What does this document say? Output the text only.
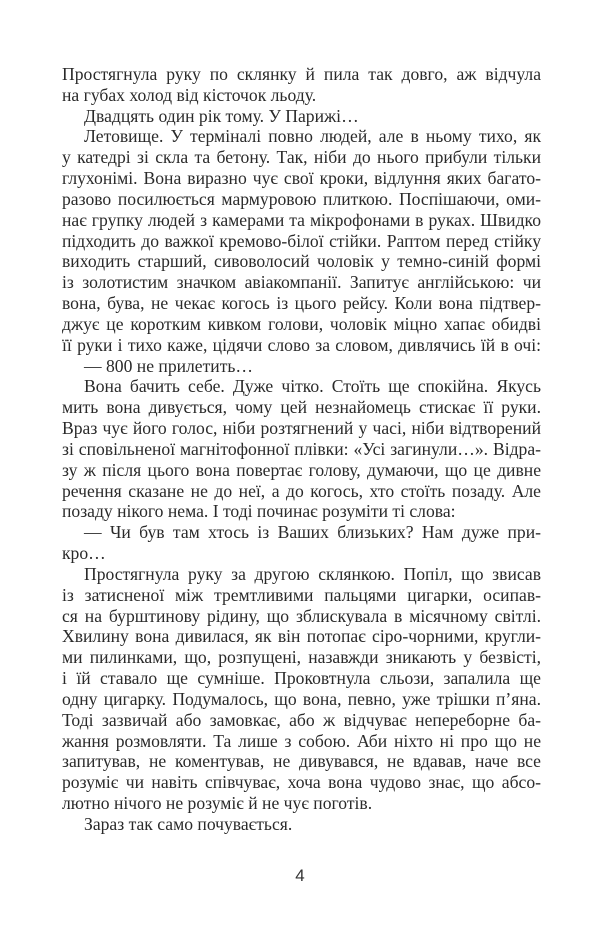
Простягнула руку по склянку й пила так довго, аж відчула
на губах холод від кісточок льоду.
Двадцять один рік тому. У Парижі…
Летовище. У терміналі повно людей, але в ньому тихо, як
у катедрі зі скла та бетону. Так, ніби до нього прибули тільки
глухонімі. Вона виразно чує свої кроки, відлуння яких багато-
разово посилюється мармуровою плиткою. Поспішаючи, оми-
нає групку людей з камерами та мікрофонами в руках. Швидко
підходить до важкої кремово-білої стійки. Раптом перед стійку
виходить старший, сивоволосий чоловік у темно-синій формі
із золотистим значком авіакомпанії. Запитує англійською: чи
вона, бува, не чекає когось із цього рейсу. Коли вона підтвер-
джує це коротким кивком голови, чоловік міцно хапає обидві
її руки і тихо каже, цідячи слово за словом, дивлячись їй в очі:
— 800 не прилетить…
Вона бачить себе. Дуже чітко. Стоїть ще спокійна. Якусь
мить вона дивується, чому цей незнайомець стискає її руки.
Враз чує його голос, ніби розтягнений у часі, ніби відтворений
зі сповільненої магнітофонної плівки: «Усі загинули…». Відра-
зу ж після цього вона повертає голову, думаючи, що це дивне
речення сказане не до неї, а до когось, хто стоїть позаду. Але
позаду нікого нема. І тоді починає розуміти ті слова:
— Чи був там хтось із Ваших близьких? Нам дуже при-
кро…
Простягнула руку за другою склянкою. Попіл, що звисав
із затисненої між тремтливими пальцями цигарки, осипав-
ся на бурштинову рідину, що зблискувала в місячному світлі.
Хвилину вона дивилася, як він потопає сіро-чорними, кругли-
ми пилинками, що, розпущені, назавжди зникають у безвісті,
і їй ставало ще сумніше. Проковтнула сльози, запалила ще
одну цигарку. Подумалось, що вона, певно, уже трішки п’яна.
Тоді зазвичай або замовкає, або ж відчуває непереборне ба-
жання розмовляти. Та лише з собою. Аби ніхто ні про що не
запитував, не коментував, не дивувався, не вдавав, наче все
розуміє чи навіть співчуває, хоча вона чудово знає, що абсо-
лютно нічого не розуміє й не чує поготів.
Зараз так само почувається.
4
